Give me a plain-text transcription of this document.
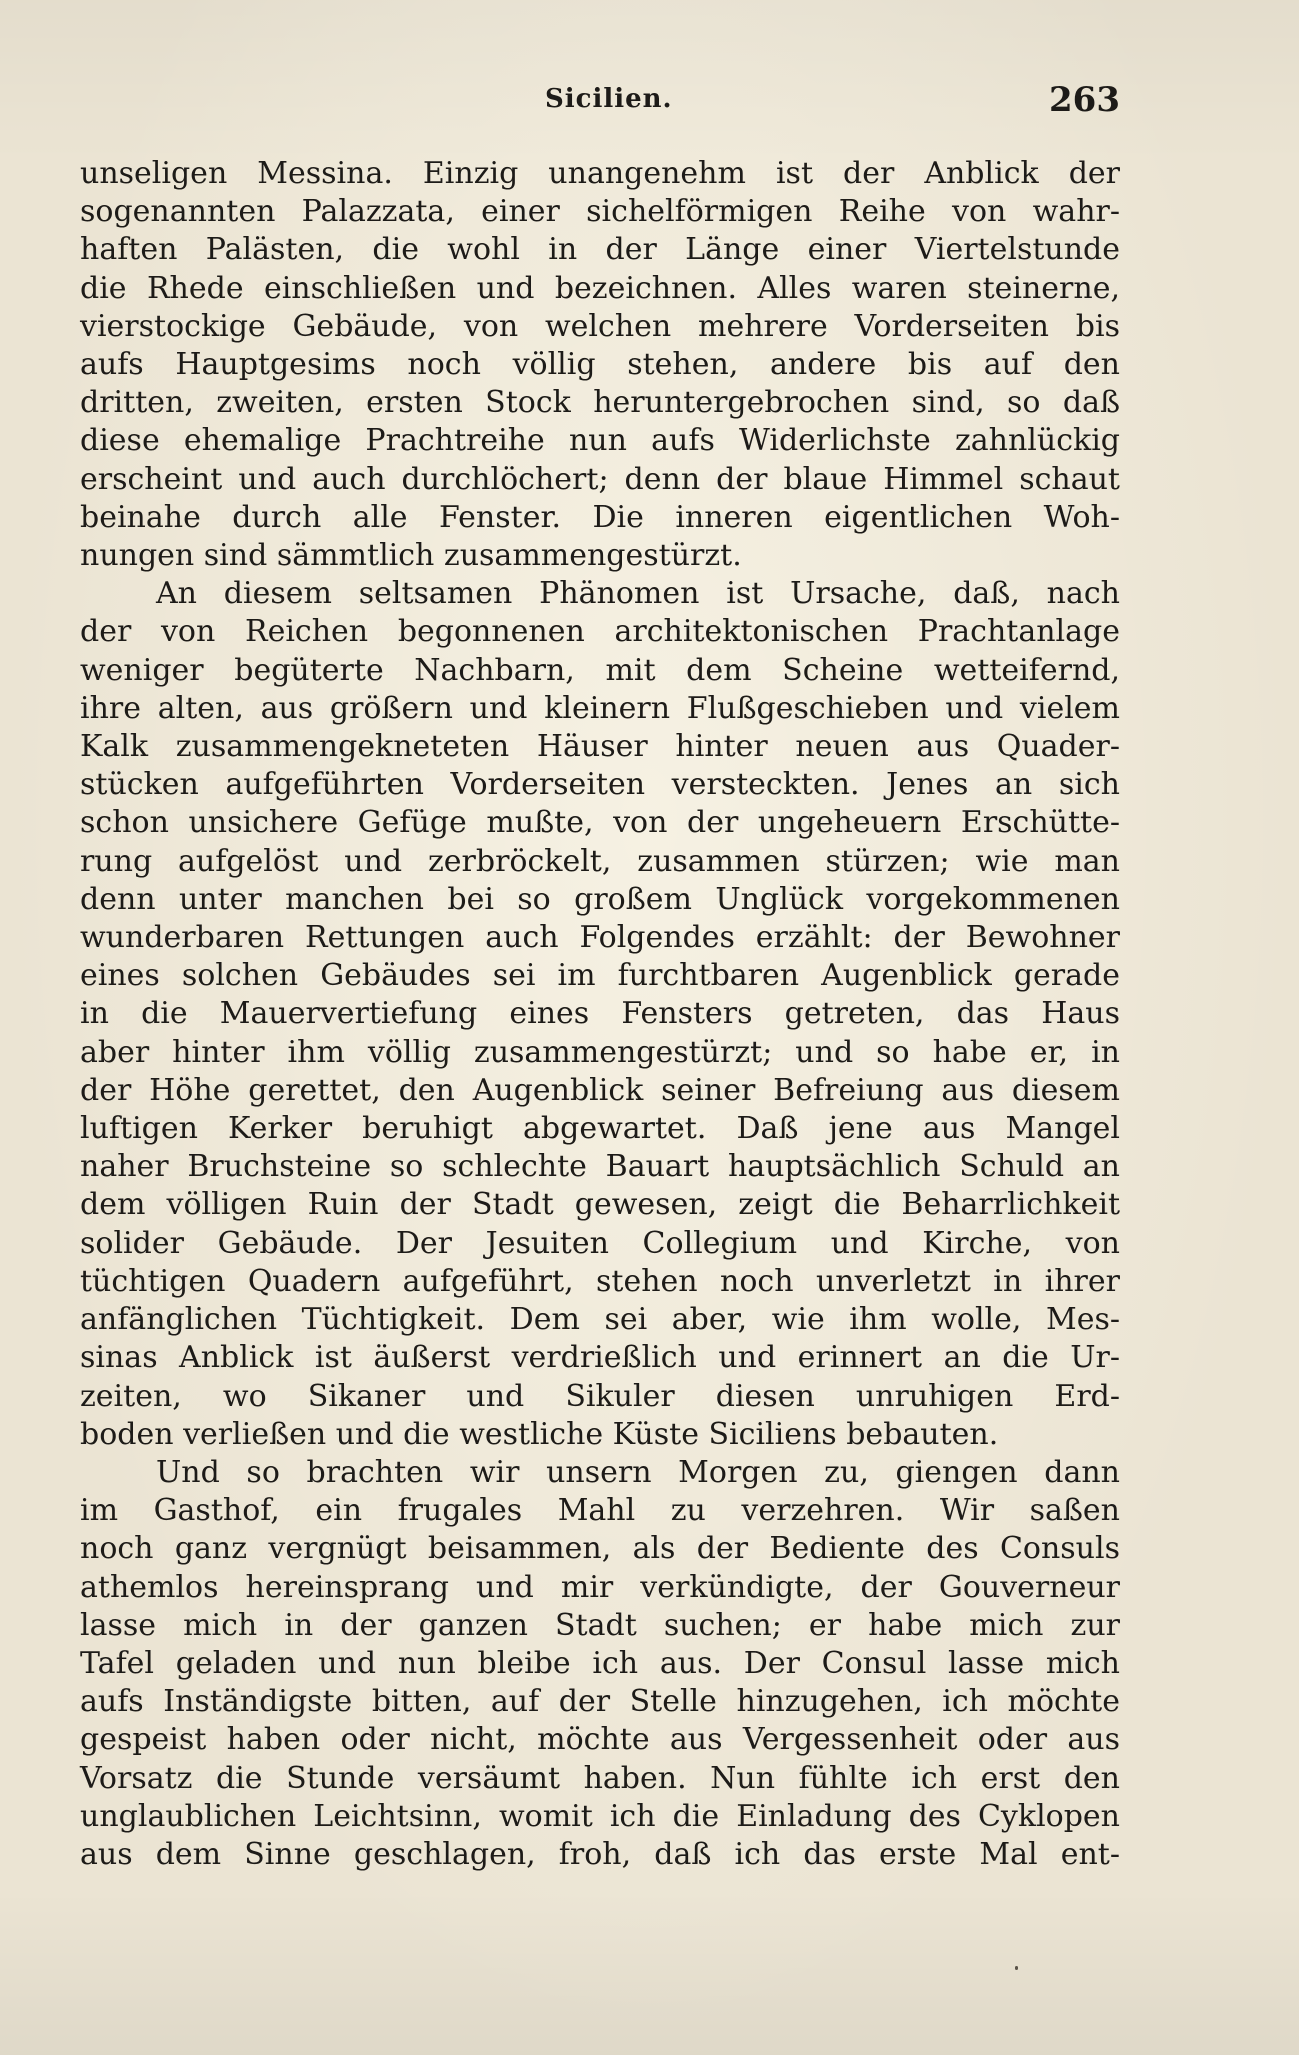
Sicilien.	263

unseligen Messina. Einzig unangenehm ist der Anblick der
sogenannten Palazzata, einer sichelförmigen Reihe von wahr-
haften Palästen, die wohl in der Länge einer Viertelstunde
die Rhede einschließen und bezeichnen. Alles waren steinerne,
vierstockige Gebäude, von welchen mehrere Vorderseiten bis
aufs Hauptgesims noch völlig stehen, andere bis auf den
dritten, zweiten, ersten Stock heruntergebrochen sind, so daß
diese ehemalige Prachtreihe nun aufs Widerlichste zahnlückig
erscheint und auch durchlöchert; denn der blaue Himmel schaut
beinahe durch alle Fenster. Die inneren eigentlichen Woh-
nungen sind sämmtlich zusammengestürzt.

An diesem seltsamen Phänomen ist Ursache, daß, nach
der von Reichen begonnenen architektonischen Prachtanlage
weniger begüterte Nachbarn, mit dem Scheine wetteifernd,
ihre alten, aus größern und kleinern Flußgeschieben und vielem
Kalk zusammengekneteten Häuser hinter neuen aus Quader-
stücken aufgeführten Vorderseiten versteckten. Jenes an sich
schon unsichere Gefüge mußte, von der ungeheuern Erschütte-
rung aufgelöst und zerbröckelt, zusammen stürzen; wie man
denn unter manchen bei so großem Unglück vorgekommenen
wunderbaren Rettungen auch Folgendes erzählt: der Bewohner
eines solchen Gebäudes sei im furchtbaren Augenblick gerade
in die Mauervertiefung eines Fensters getreten, das Haus
aber hinter ihm völlig zusammengestürzt; und so habe er, in
der Höhe gerettet, den Augenblick seiner Befreiung aus diesem
luftigen Kerker beruhigt abgewartet. Daß jene aus Mangel
naher Bruchsteine so schlechte Bauart hauptsächlich Schuld an
dem völligen Ruin der Stadt gewesen, zeigt die Beharrlichkeit
solider Gebäude. Der Jesuiten Collegium und Kirche, von
tüchtigen Quadern aufgeführt, stehen noch unverletzt in ihrer
anfänglichen Tüchtigkeit. Dem sei aber, wie ihm wolle, Mes-
sinas Anblick ist äußerst verdrießlich und erinnert an die Ur-
zeiten, wo Sikaner und Sikuler diesen unruhigen Erd-
boden verließen und die westliche Küste Siciliens bebauten.

Und so brachten wir unsern Morgen zu, giengen dann
im Gasthof, ein frugales Mahl zu verzehren. Wir saßen
noch ganz vergnügt beisammen, als der Bediente des Consuls
athemlos hereinsprang und mir verkündigte, der Gouverneur
lasse mich in der ganzen Stadt suchen; er habe mich zur
Tafel geladen und nun bleibe ich aus. Der Consul lasse mich
aufs Inständigste bitten, auf der Stelle hinzugehen, ich möchte
gespeist haben oder nicht, möchte aus Vergessenheit oder aus
Vorsatz die Stunde versäumt haben. Nun fühlte ich erst den
unglaublichen Leichtsinn, womit ich die Einladung des Cyklopen
aus dem Sinne geschlagen, froh, daß ich das erste Mal ent-
